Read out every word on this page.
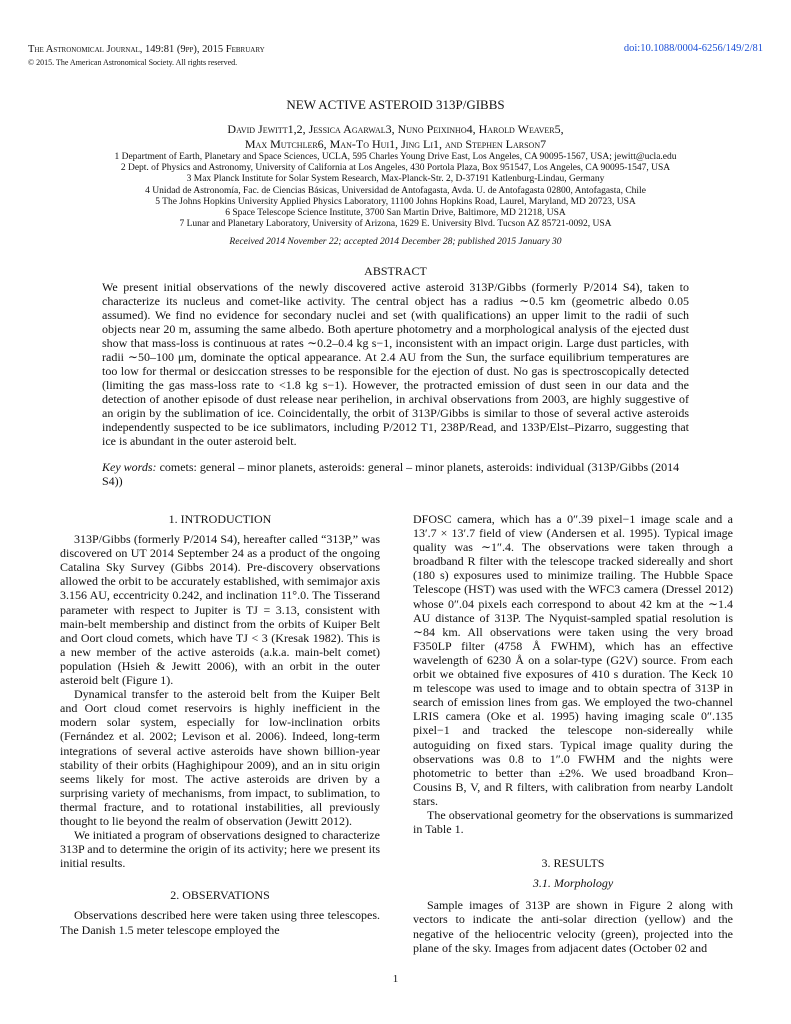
The Astronomical Journal, 149:81 (9pp), 2015 February	doi:10.1088/0004-6256/149/2/81
© 2015. The American Astronomical Society. All rights reserved.
NEW ACTIVE ASTEROID 313P/GIBBS
David Jewitt1,2, Jessica Agarwal3, Nuno Peixinho4, Harold Weaver5,
Max Mutchler6, Man-To Hui1, Jing Li1, and Stephen Larson7
1 Department of Earth, Planetary and Space Sciences, UCLA, 595 Charles Young Drive East, Los Angeles, CA 90095-1567, USA; jewitt@ucla.edu
2 Dept. of Physics and Astronomy, University of California at Los Angeles, 430 Portola Plaza, Box 951547, Los Angeles, CA 90095-1547, USA
3 Max Planck Institute for Solar System Research, Max-Planck-Str. 2, D-37191 Katlenburg-Lindau, Germany
4 Unidad de Astronomía, Fac. de Ciencias Básicas, Universidad de Antofagasta, Avda. U. de Antofagasta 02800, Antofagasta, Chile
5 The Johns Hopkins University Applied Physics Laboratory, 11100 Johns Hopkins Road, Laurel, Maryland, MD 20723, USA
6 Space Telescope Science Institute, 3700 San Martin Drive, Baltimore, MD 21218, USA
7 Lunar and Planetary Laboratory, University of Arizona, 1629 E. University Blvd. Tucson AZ 85721-0092, USA
Received 2014 November 22; accepted 2014 December 28; published 2015 January 30
ABSTRACT
We present initial observations of the newly discovered active asteroid 313P/Gibbs (formerly P/2014 S4), taken to characterize its nucleus and comet-like activity. The central object has a radius ∼0.5 km (geometric albedo 0.05 assumed). We find no evidence for secondary nuclei and set (with qualifications) an upper limit to the radii of such objects near 20 m, assuming the same albedo. Both aperture photometry and a morphological analysis of the ejected dust show that mass-loss is continuous at rates ∼0.2–0.4 kg s−1, inconsistent with an impact origin. Large dust particles, with radii ∼50–100 μm, dominate the optical appearance. At 2.4 AU from the Sun, the surface equilibrium temperatures are too low for thermal or desiccation stresses to be responsible for the ejection of dust. No gas is spectroscopically detected (limiting the gas mass-loss rate to <1.8 kg s−1). However, the protracted emission of dust seen in our data and the detection of another episode of dust release near perihelion, in archival observations from 2003, are highly suggestive of an origin by the sublimation of ice. Coincidentally, the orbit of 313P/Gibbs is similar to those of several active asteroids independently suspected to be ice sublimators, including P/2012 T1, 238P/Read, and 133P/Elst–Pizarro, suggesting that ice is abundant in the outer asteroid belt.
Key words: comets: general – minor planets, asteroids: general – minor planets, asteroids: individual (313P/Gibbs (2014 S4))
1. INTRODUCTION

313P/Gibbs (formerly P/2014 S4), hereafter called “313P,” was discovered on UT 2014 September 24 as a product of the ongoing Catalina Sky Survey (Gibbs 2014). Pre-discovery observations allowed the orbit to be accurately established, with semimajor axis 3.156 AU, eccentricity 0.242, and inclination 11°.0. The Tisserand parameter with respect to Jupiter is TJ = 3.13, consistent with main-belt membership and distinct from the orbits of Kuiper Belt and Oort cloud comets, which have TJ < 3 (Kresak 1982). This is a new member of the active asteroids (a.k.a. main-belt comet) population (Hsieh & Jewitt 2006), with an orbit in the outer asteroid belt (Figure 1).

Dynamical transfer to the asteroid belt from the Kuiper Belt and Oort cloud comet reservoirs is highly inefficient in the modern solar system, especially for low-inclination orbits (Fernández et al. 2002; Levison et al. 2006). Indeed, long-term integrations of several active asteroids have shown billion-year stability of their orbits (Haghighipour 2009), and an in situ origin seems likely for most. The active asteroids are driven by a surprising variety of mechanisms, from impact, to sublimation, to thermal fracture, and to rotational instabilities, all previously thought to lie beyond the realm of observation (Jewitt 2012).

We initiated a program of observations designed to characterize 313P and to determine the origin of its activity; here we present its initial results.

2. OBSERVATIONS

Observations described here were taken using three telescopes. The Danish 1.5 meter telescope employed the

DFOSC camera, which has a 0″.39 pixel−1 image scale and a 13′.7 × 13′.7 field of view (Andersen et al. 1995). Typical image quality was ∼1″.4. The observations were taken through a broadband R filter with the telescope tracked sidereally and short (180 s) exposures used to minimize trailing. The Hubble Space Telescope (HST) was used with the WFC3 camera (Dressel 2012) whose 0″.04 pixels each correspond to about 42 km at the ∼1.4 AU distance of 313P. The Nyquist-sampled spatial resolution is ∼84 km. All observations were taken using the very broad F350LP filter (4758 Å FWHM), which has an effective wavelength of 6230 Å on a solar-type (G2V) source. From each orbit we obtained five exposures of 410 s duration. The Keck 10 m telescope was used to image and to obtain spectra of 313P in search of emission lines from gas. We employed the two-channel LRIS camera (Oke et al. 1995) having imaging scale 0″.135 pixel−1 and tracked the telescope non-sidereally while autoguiding on fixed stars. Typical image quality during the observations was 0.8 to 1″.0 FWHM and the nights were photometric to better than ±2%. We used broadband Kron–Cousins B, V, and R filters, with calibration from nearby Landolt stars.

The observational geometry for the observations is summarized in Table 1.

3. RESULTS
3.1. Morphology

Sample images of 313P are shown in Figure 2 along with vectors to indicate the anti-solar direction (yellow) and the negative of the heliocentric velocity (green), projected into the plane of the sky. Images from adjacent dates (October 02 and

1
